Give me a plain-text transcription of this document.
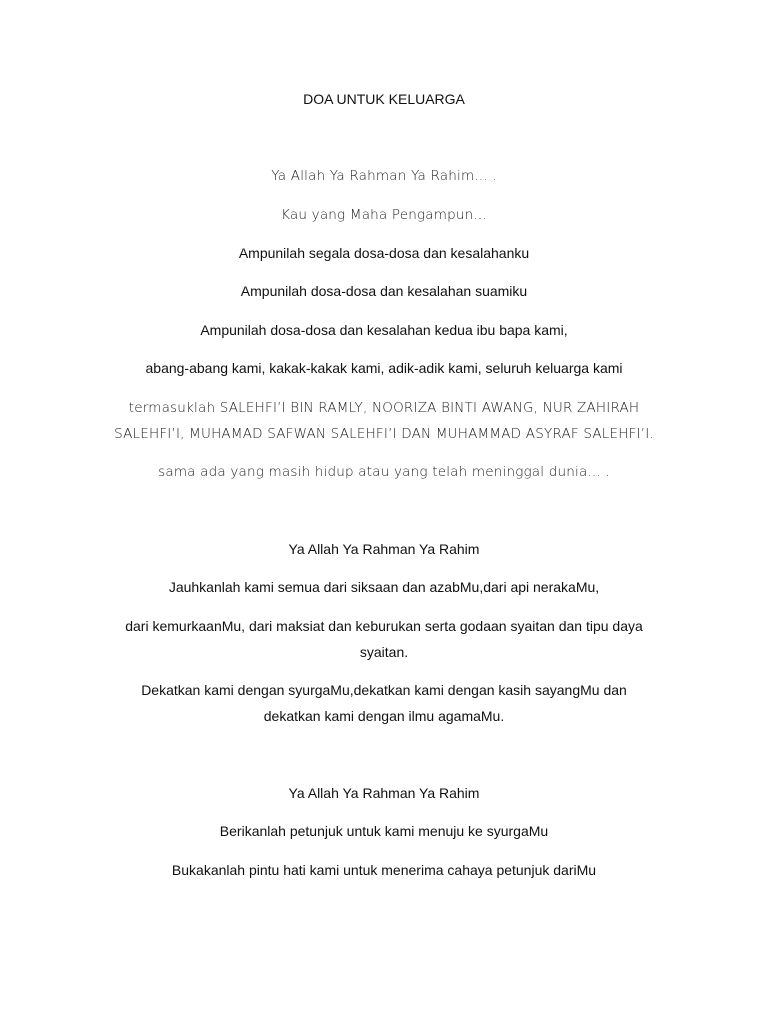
DOA UNTUK KELUARGA
Ya Allah Ya Rahman Ya Rahim... .
Kau yang Maha Pengampun...
Ampunilah segala dosa-dosa dan kesalahanku
Ampunilah dosa-dosa dan kesalahan suamiku
Ampunilah dosa-dosa dan kesalahan kedua ibu bapa kami,
abang-abang kami, kakak-kakak kami, adik-adik kami, seluruh keluarga kami
termasuklah SALEHFI’I BIN RAMLY, NOORIZA BINTI AWANG, NUR ZAHIRAH
SALEHFI’I, MUHAMAD SAFWAN SALEHFI’I DAN MUHAMMAD ASYRAF SALEHFI’I.
sama ada yang masih hidup atau yang telah meninggal dunia... .
Ya Allah Ya Rahman Ya Rahim
Jauhkanlah kami semua dari siksaan dan azabMu,dari api nerakaMu,
dari kemurkaanMu, dari maksiat dan keburukan serta godaan syaitan dan tipu daya
syaitan.
Dekatkan kami dengan syurgaMu,dekatkan kami dengan kasih sayangMu dan
dekatkan kami dengan ilmu agamaMu.
Ya Allah Ya Rahman Ya Rahim
Berikanlah petunjuk untuk kami menuju ke syurgaMu
Bukakanlah pintu hati kami untuk menerima cahaya petunjuk dariMu
